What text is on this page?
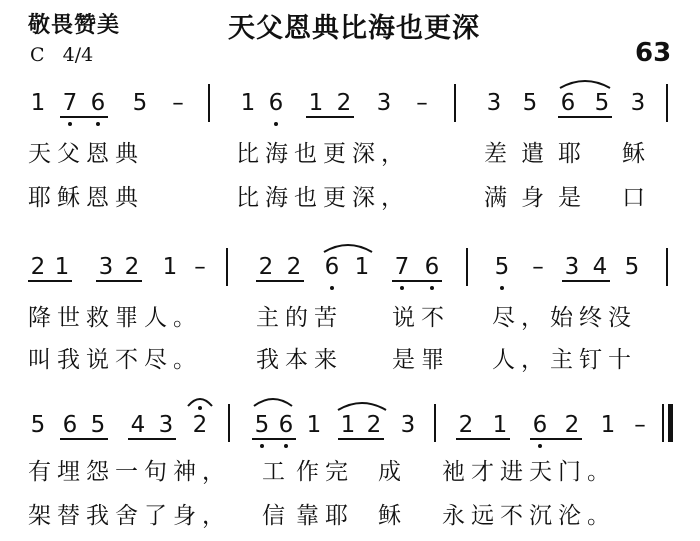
敬畏赞美	天父恩典比海也更深
63
C 4/4
1 7 6 5 – 1 6 1 2 3 –	3 5 6 5 3
天父恩典	比海也更深，	差遣耶 稣
耶稣恩典	比海也更深，	满身是 口
2 1 3 2 1 – 2 2 6 1 7 6 5 – 3 4 5
降世救罪人。 主的苦 说不 尽，始终没
叫我说不尽。 我本来 是罪 人，主钉十
5 6 5 4 3 2 5 6 1 1 2 3 2 1 6 2 1 –
有埋怨一句神， 工 作完 成 祂才进天门。
架替我舍了身， 信 靠耶 稣 永远不沉沦。
